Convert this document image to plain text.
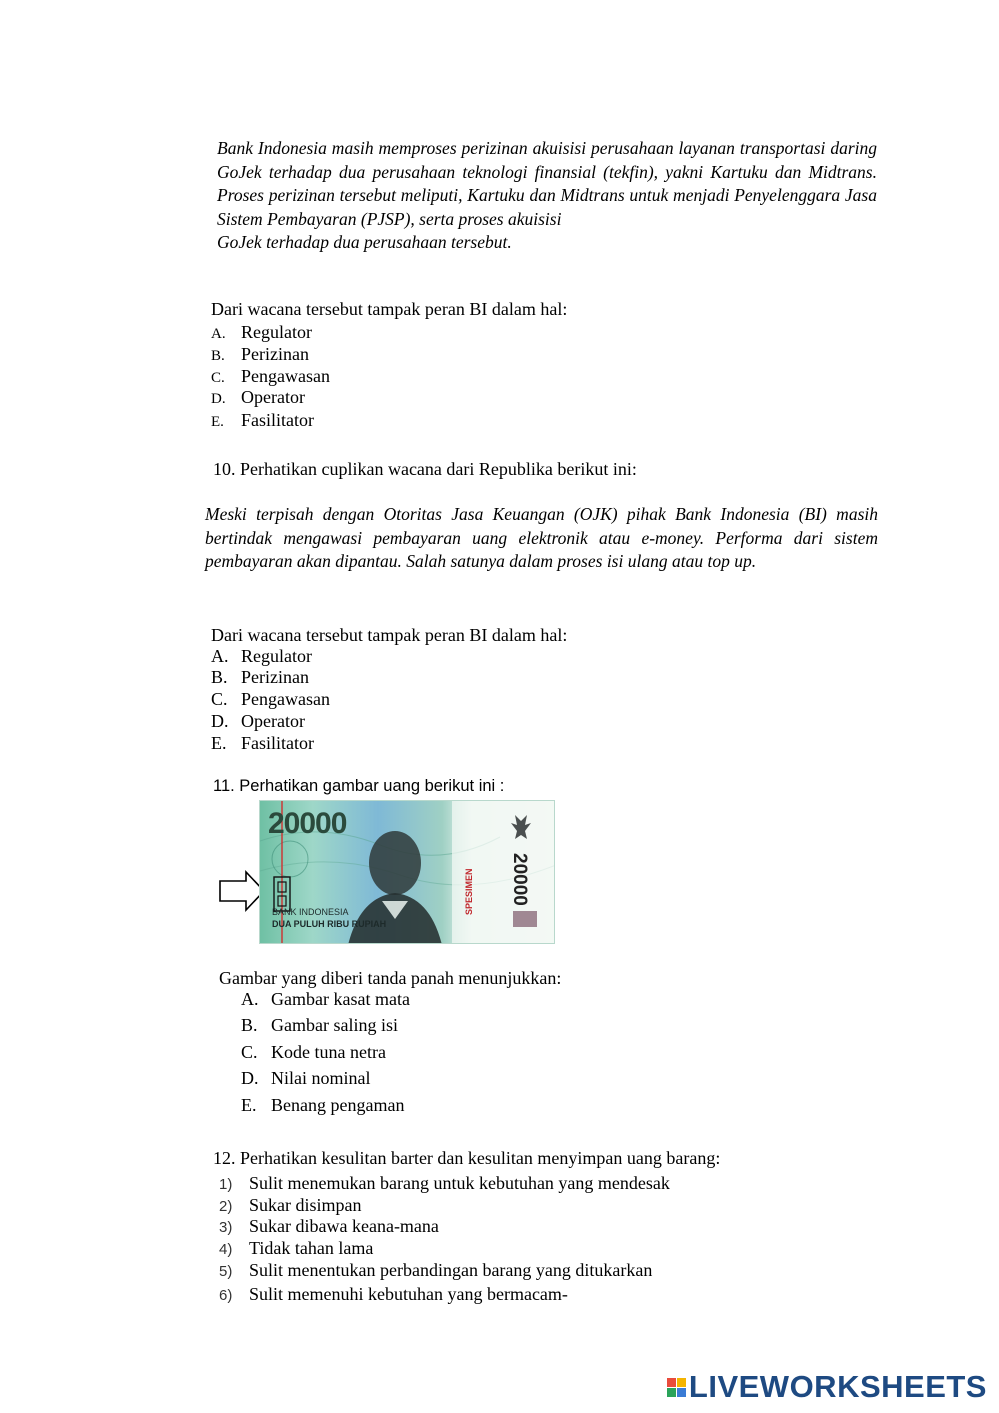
Bank Indonesia masih memproses perizinan akuisisi perusahaan layanan transportasi daring GoJek terhadap dua perusahaan teknologi finansial (tekfin), yakni Kartuku dan Midtrans. Proses perizinan tersebut meliputi, Kartuku dan Midtrans untuk menjadi Penyelenggara Jasa Sistem Pembayaran (PJSP), serta proses akuisisi
GoJek terhadap dua perusahaan tersebut.

Dari wacana tersebut tampak peran BI dalam hal:
A. Regulator
B. Perizinan
C. Pengawasan
D. Operator
E. Fasilitator
10. Perhatikan cuplikan wacana dari Republika berikut ini:

Meski terpisah dengan Otoritas Jasa Keuangan (OJK) pihak Bank Indonesia (BI) masih bertindak mengawasi pembayaran uang elektronik atau e-money. Performa dari sistem pembayaran akan dipantau. Salah satunya dalam proses isi ulang atau top up.

Dari wacana tersebut tampak peran BI dalam hal:
A. Regulator
B. Perizinan
C. Pengawasan
D. Operator
E. Fasilitator
11. Perhatikan gambar uang berikut ini :
20000
20000
SPESIMEN
BANK INDONESIA
DUA PULUH RIBU RUPIAH
Gambar yang diberi tanda panah menunjukkan:
A. Gambar kasat mata
B. Gambar saling isi
C. Kode tuna netra
D. Nilai nominal
E. Benang pengaman
12. Perhatikan kesulitan barter dan kesulitan menyimpan uang barang:
1) Sulit menemukan barang untuk kebutuhan yang mendesak
2) Sukar disimpan
3) Sukar dibawa keana-mana
4) Tidak tahan lama
5) Sulit menentukan perbandingan barang yang ditukarkan
6) Sulit memenuhi kebutuhan yang bermacam-
LIVEWORKSHEETS
